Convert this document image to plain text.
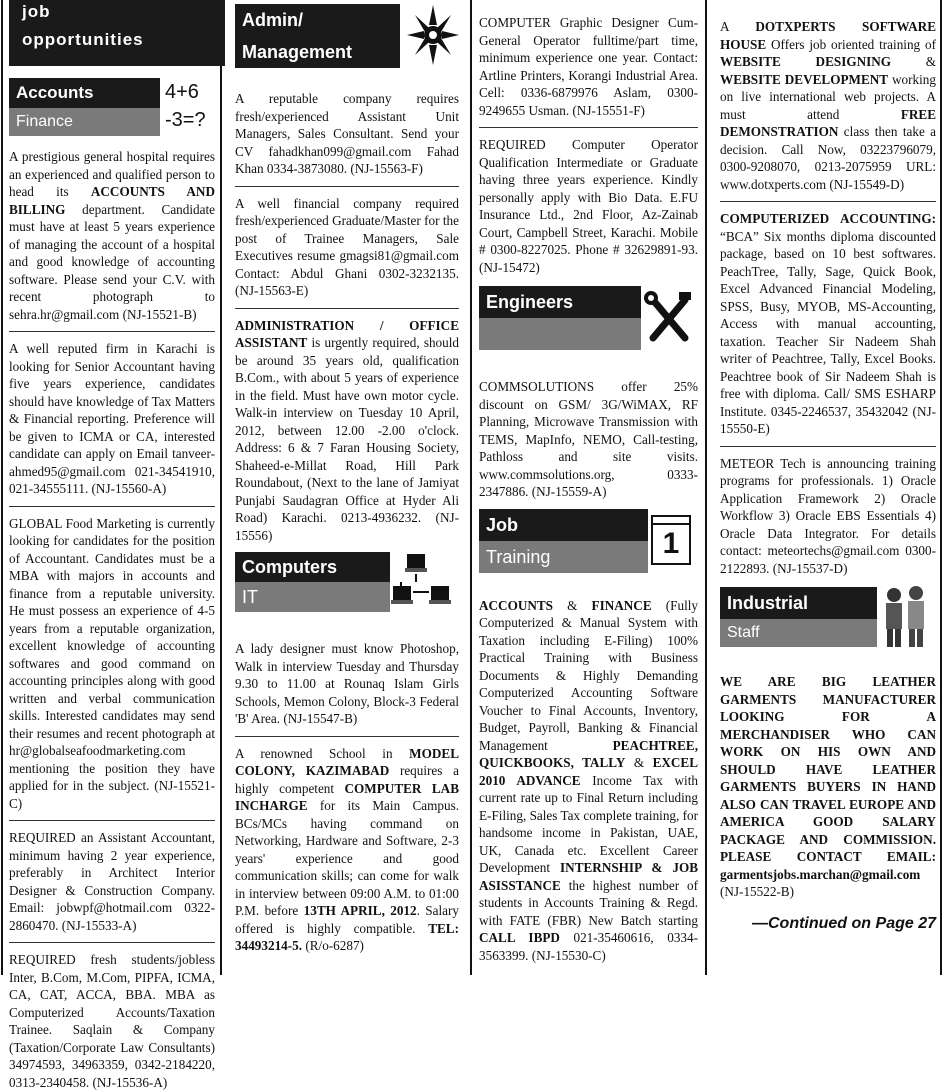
job
opportunities
Accounts
Finance
4+6
-3=?

A prestigious general hospital requires an experienced and qualified person to head its ACCOUNTS AND BILLING department. Candidate must have at least 5 years experience of managing the account of a hospital and good knowledge of accounting software. Please send your C.V. with recent photograph to sehra.hr@gmail.com (NJ-15521-B)

A well reputed firm in Karachi is looking for Senior Accountant having five years experience, candidates should have knowledge of Tax Matters & Financial reporting. Preference will be given to ICMA or CA, interested candidate can apply on Email tanveer-ahmed95@gmail.com 021-34541910, 021-34555111. (NJ-15560-A)

GLOBAL Food Marketing is currently looking for candidates for the position of Accountant. Candidates must be a MBA with majors in accounts and finance from a reputable university. He must possess an experience of 4-5 years from a reputable organization, excellent knowledge of accounting softwares and good command on accounting principles along with good written and verbal communication skills. Interested candidates may send their resumes and recent photograph at hr@globalseafoodmarketing.com mentioning the position they have applied for in the subject. (NJ-15521-C)

REQUIRED an Assistant Accountant, minimum having 2 year experience, preferably in Architect Interior Designer & Construction Company. Email: jobwpf@hotmail.com 0322-2860470. (NJ-15533-A)

REQUIRED fresh students/jobless Inter, B.Com, M.Com, PIPFA, ICMA, CA, CAT, ACCA, BBA. MBA as Computerized Accounts/Taxation Trainee. Saqlain & Company (Taxation/Corporate Law Consultants) 34974593, 34963359, 0342-2184220, 0313-2340458. (NJ-15536-A)

Admin/
Management

A reputable company requires fresh/experienced Assistant Unit Managers, Sales Consultant. Send your CV fahadkhan099@gmail.com Fahad Khan 0334-3873080. (NJ-15563-F)

A well financial company required fresh/experienced Graduate/Master for the post of Trainee Managers, Sale Executives resume gmagsi81@gmail.com Contact: Abdul Ghani 0302-3232135. (NJ-15563-E)

ADMINISTRATION / OFFICE ASSISTANT is urgently required, should be around 35 years old, qualification B.Com., with about 5 years of experience in the field. Must have own motor cycle. Walk-in interview on Tuesday 10 April, 2012, between 12.00 -2.00 o'clock. Address: 6 & 7 Faran Housing Society, Shaheed-e-Millat Road, Hill Park Roundabout, (Next to the lane of Jamiyat Punjabi Saudagran Office at Hyder Ali Road) Karachi. 0213-4936232. (NJ-15556)

Computers
IT

A lady designer must know Photoshop, Walk in interview Tuesday and Thursday 9.30 to 11.00 at Rounaq Islam Girls Schools, Memon Colony, Block-3 Federal 'B' Area. (NJ-15547-B)

A renowned School in MODEL COLONY, KAZIMABAD requires a highly competent COMPUTER LAB INCHARGE for its Main Campus. BCs/MCs having command on Networking, Hardware and Software, 2-3 years' experience and good communication skills; can come for walk in interview between 09:00 A.M. to 01:00 P.M. before 13TH APRIL, 2012. Salary offered is highly compatible. TEL: 34493214-5. (R/o-6287)

COMPUTER Graphic Designer Cum-General Operator fulltime/part time, minimum experience one year. Contact: Artline Printers, Korangi Industrial Area. Cell: 0336-6879976 Aslam, 0300-9249655 Usman. (NJ-15551-F)

REQUIRED Computer Operator Qualification Intermediate or Graduate having three years experience. Kindly personally apply with Bio Data. E.FU Insurance Ltd., 2nd Floor, Az-Zainab Court, Campbell Street, Karachi. Mobile # 0300-8227025. Phone # 32629891-93. (NJ-15472)

Engineers

COMMSOLUTIONS offer 25% discount on GSM/ 3G/WiMAX, RF Planning, Microwave Transmission with TEMS, MapInfo, NEMO, Call-testing, Pathloss and site visits. www.commsolutions.org, 0333-2347886. (NJ-15559-A)

Job
Training	1

ACCOUNTS & FINANCE (Fully Computerized & Manual System with Taxation including E-Filing) 100% Practical Training with Business Documents & Highly Demanding Computerized Accounting Software Voucher to Final Accounts, Inventory, Budget, Payroll, Banking & Financial Management PEACHTREE, QUICKBOOKS, TALLY & EXCEL 2010 ADVANCE Income Tax with current rate up to Final Return including E-Filing, Sales Tax complete training, for handsome income in Pakistan, UAE, UK, Canada etc. Excellent Career Development INTERNSHIP & JOB ASISSTANCE the highest number of students in Accounts Training & Regd. with FATE (FBR) New Batch starting CALL IBPD 021-35460616, 0334-3563399. (NJ-15530-C)

A DOTXPERTS SOFTWARE HOUSE Offers job oriented training of WEBSITE DESIGNING & WEBSITE DEVELOPMENT working on live international web projects. A must attend FREE DEMONSTRATION class then take a decision. Call Now, 03223796079, 0300-9208070, 0213-2075959 URL: www.dotxperts.com (NJ-15549-D)

COMPUTERIZED ACCOUNTING: “BCA” Six months diploma discounted package, based on 10 best softwares. PeachTree, Tally, Sage, Quick Book, Excel Advanced Financial Modeling, SPSS, Busy, MYOB, MS-Accounting, Access with manual accounting, taxation. Teacher Sir Nadeem Shah writer of Peachtree, Tally, Excel Books. Peachtree book of Sir Nadeem Shah is free with diploma. Call/ SMS ESHARP Institute. 0345-2246537, 35432042 (NJ-15550-E)

METEOR Tech is announcing training programs for professionals. 1) Oracle Application Framework 2) Oracle Workflow 3) Oracle EBS Essentials 4) Oracle Data Integrator. For details contact: meteortechs@gmail.com 0300-2122893. (NJ-15537-D)

Industrial
Staff

WE ARE BIG LEATHER GARMENTS MANUFACTURER LOOKING FOR A MERCHANDISER WHO CAN WORK ON HIS OWN AND SHOULD HAVE LEATHER GARMENTS BUYERS IN HAND ALSO CAN TRAVEL EUROPE AND AMERICA GOOD SALARY PACKAGE AND COMMISSION. PLEASE CONTACT EMAIL: garmentsjobs.marchan@gmail.com (NJ-15522-B)

—Continued on Page 27
